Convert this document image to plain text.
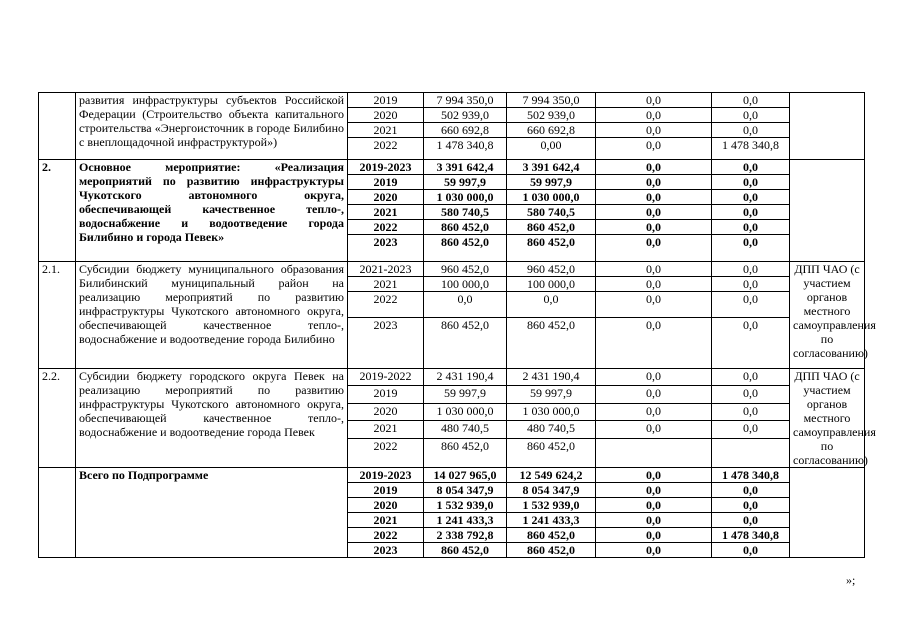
	развития инфраструктуры субъектов Российской Федерации (Строительство объекта капитального строительства «Энергоисточник в городе Билибино с внеплощадочной инфраструктурой»)	2019	7 994 350,0	7 994 350,0	0,0	0,0	
		2020	502 939,0	502 939,0	0,0	0,0	
		2021	660 692,8	660 692,8	0,0	0,0	
		2022	1 478 340,8	0,00	0,0	1 478 340,8	
2.	Основное мероприятие: «Реализация мероприятий по развитию инфраструктуры Чукотского автономного округа, обеспечивающей качественное тепло-, водоснабжение и водоотведение города Билибино и города Певек»	2019-2023	3 391 642,4	3 391 642,4	0,0	0,0	
		2019	59 997,9	59 997,9	0,0	0,0	
		2020	1 030 000,0	1 030 000,0	0,0	0,0	
		2021	580 740,5	580 740,5	0,0	0,0	
		2022	860 452,0	860 452,0	0,0	0,0	
		2023	860 452,0	860 452,0	0,0	0,0	
2.1.	Субсидии бюджету муниципального образования Билибинский муниципальный район на реализацию мероприятий по развитию инфраструктуры Чукотского автономного округа, обеспечивающей качественное тепло-, водоснабжение и водоотведение города Билибино	2021-2023	960 452,0	960 452,0	0,0	0,0	ДПП ЧАО (с участием органов местного самоуправления по согласованию)
		2021	100 000,0	100 000,0	0,0	0,0	
		2022	0,0	0,0	0,0	0,0	
		2023	860 452,0	860 452,0	0,0	0,0	
2.2.	Субсидии бюджету городского округа Певек на реализацию мероприятий по развитию инфраструктуры Чукотского автономного округа, обеспечивающей качественное тепло-, водоснабжение и водоотведение города Певек	2019-2022	2 431 190,4	2 431 190,4	0,0	0,0	ДПП ЧАО (с участием органов местного самоуправления по согласованию)
		2019	59 997,9	59 997,9	0,0	0,0	
		2020	1 030 000,0	1 030 000,0	0,0	0,0	
		2021	480 740,5	480 740,5	0,0	0,0	
		2022	860 452,0	860 452,0			
	Всего по Подпрограмме	2019-2023	14 027 965,0	12 549 624,2	0,0	1 478 340,8	
		2019	8 054 347,9	8 054 347,9	0,0	0,0	
		2020	1 532 939,0	1 532 939,0	0,0	0,0	
		2021	1 241 433,3	1 241 433,3	0,0	0,0	
		2022	2 338 792,8	860 452,0	0,0	1 478 340,8	
		2023	860 452,0	860 452,0	0,0	0,0	
»;
